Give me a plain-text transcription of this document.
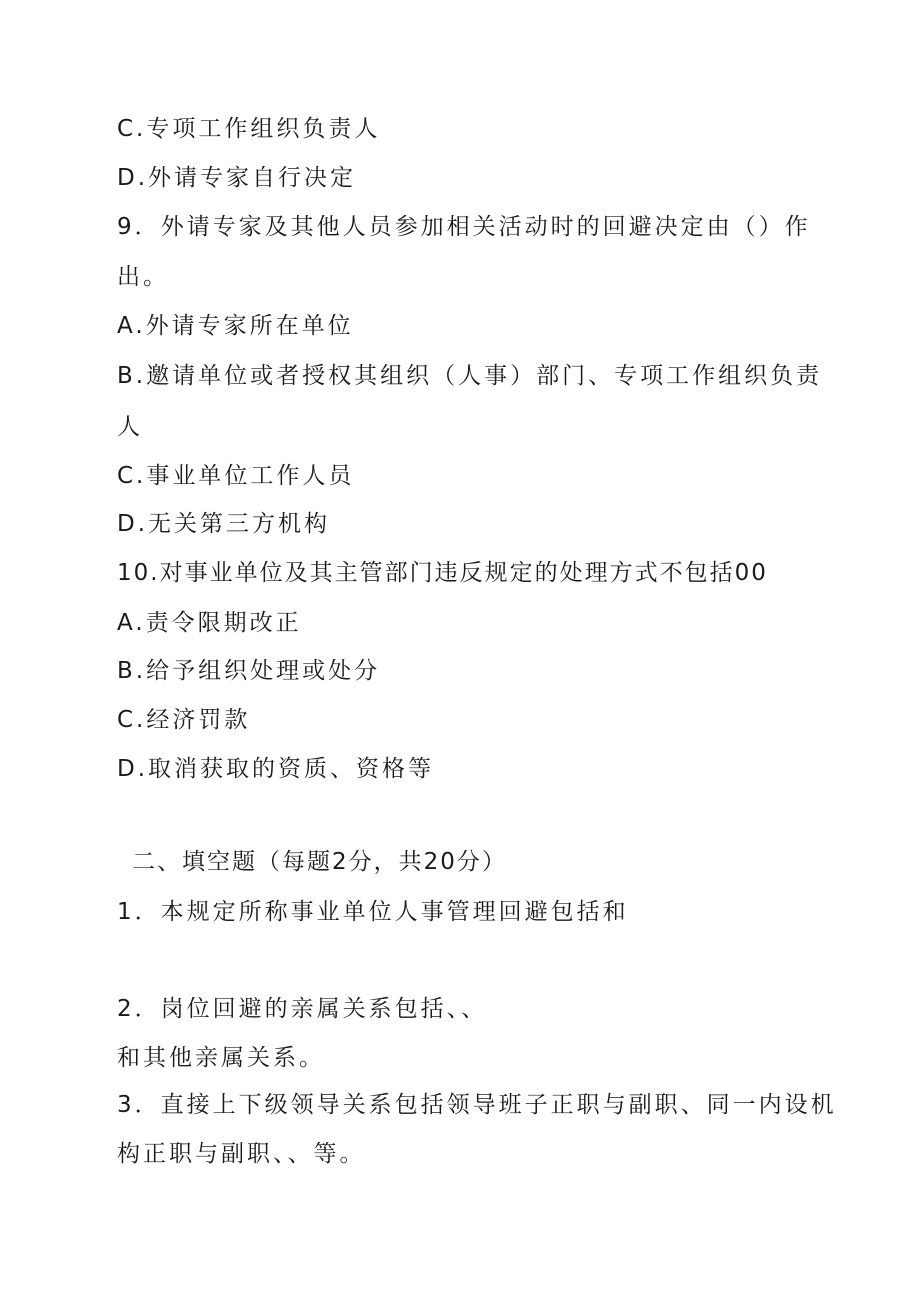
C.专项工作组织负责人
D.外请专家自行决定
9．外请专家及其他人员参加相关活动时的回避决定由（）作
出。
A.外请专家所在单位
B.邀请单位或者授权其组织（人事）部门、专项工作组织负责
人
C.事业单位工作人员
D.无关第三方机构
10.对事业单位及其主管部门违反规定的处理方式不包括00
A.责令限期改正
B.给予组织处理或处分
C.经济罚款
D.取消获取的资质、资格等
二、填空题（每题2分，共20分）
1．本规定所称事业单位人事管理回避包括和
2．岗位回避的亲属关系包括、、
和其他亲属关系。
3．直接上下级领导关系包括领导班子正职与副职、同一内设机
构正职与副职、、等。
